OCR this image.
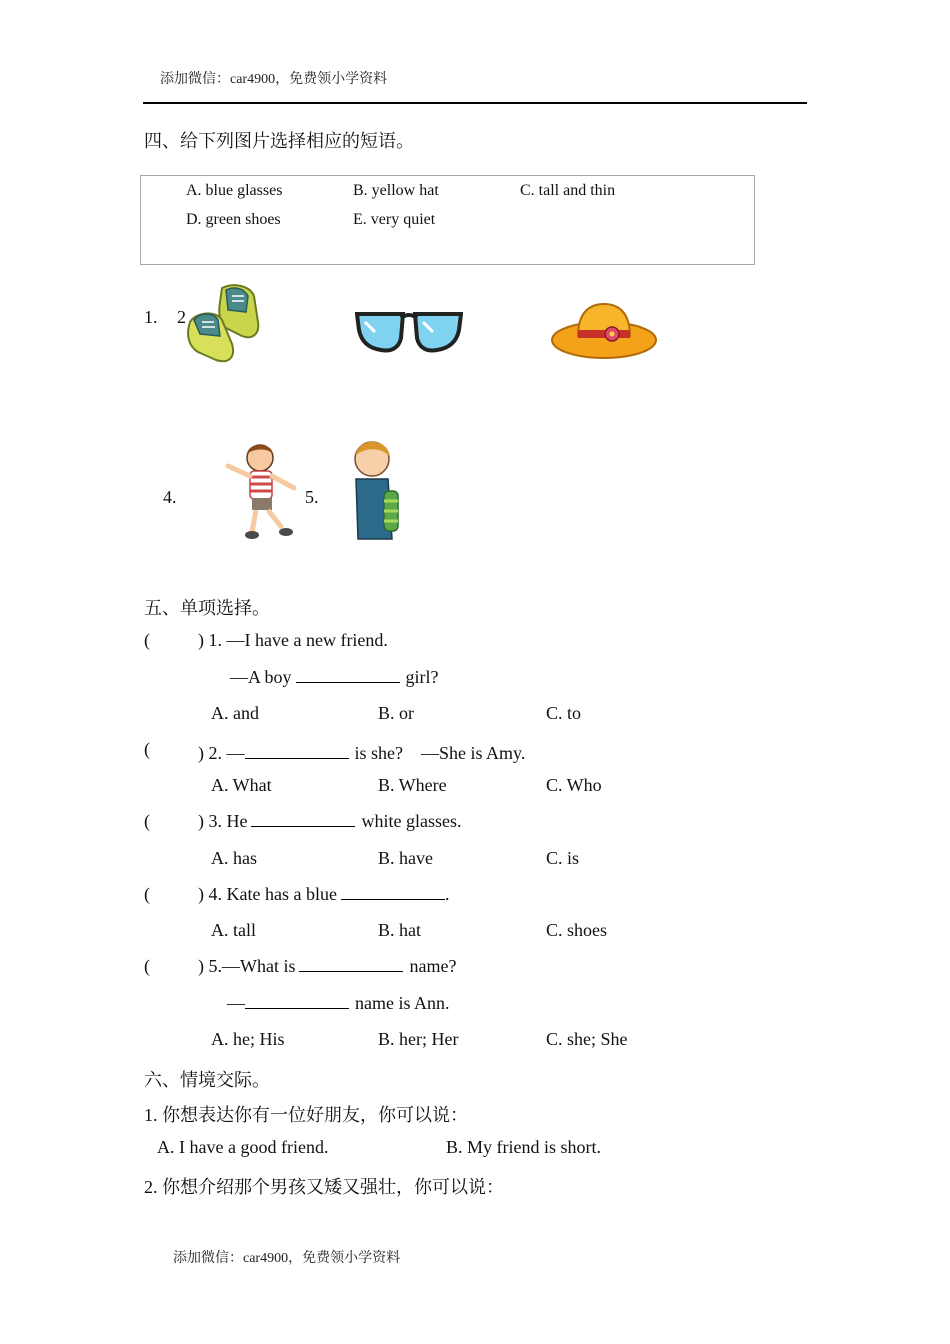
添加微信：car4900，免费领小学资料
四、给下列图片选择相应的短语。
A. blue glasses	B. yellow hat	C. tall and thin
D. green shoes	E. very quiet
1. 2
4.	5.
五、单项选择。
(	) 1. —I have a new friend.
—A boy	girl?
A. and	B. or	C. to
(	) 2. —	is she?　—She is Amy.
A. What	B. Where	C. Who
(	) 3. He	white glasses.
A. has	B. have	C. is
(	) 4. Kate has a blue	.
A. tall	B. hat	C. shoes
(	) 5.—What is	name?
—	name is Ann.
A. he; His	B. her; Her	C. she; She
六、情境交际。
1. 你想表达你有一位好朋友，你可以说：
A. I have a good friend.	B. My friend is short.
2. 你想介绍那个男孩又矮又强壮，你可以说：
添加微信：car4900，免费领小学资料
